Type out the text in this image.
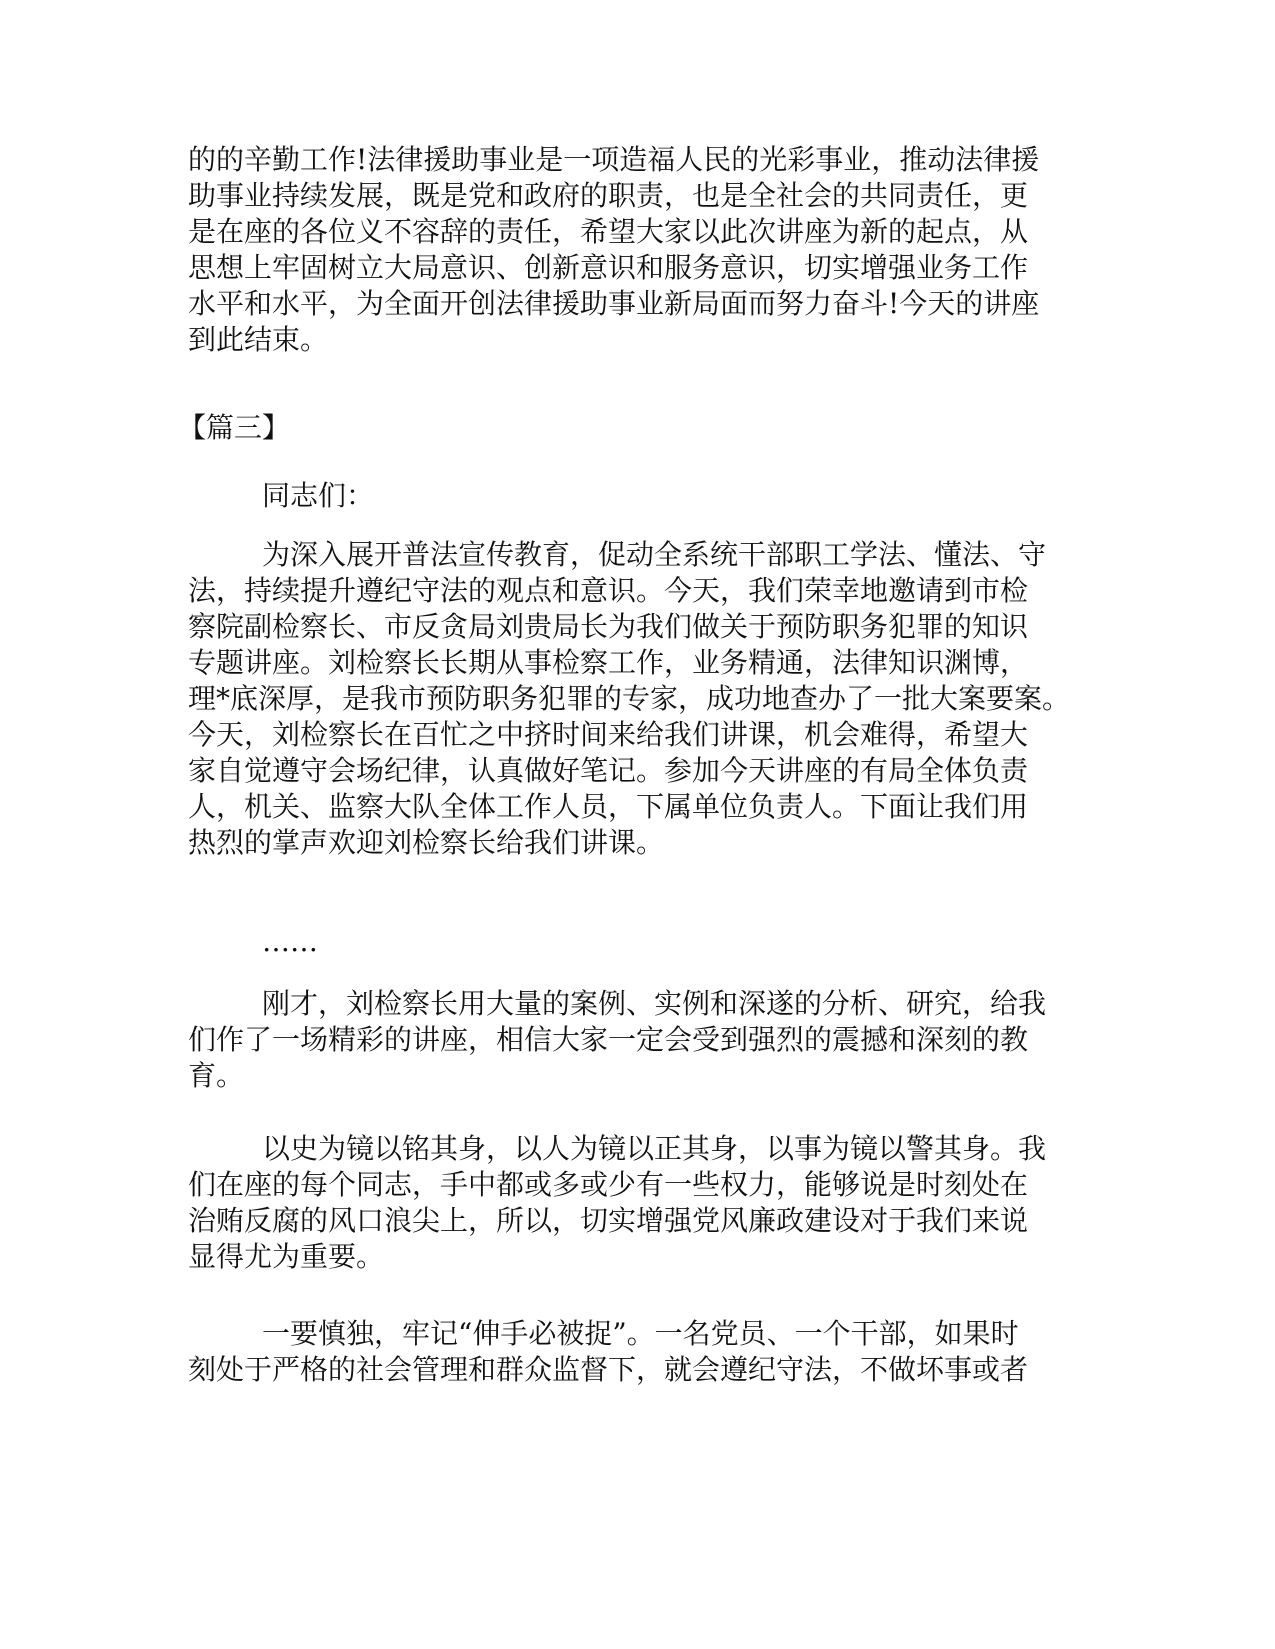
的的辛勤工作!法律援助事业是一项造福人民的光彩事业，推动法律援
助事业持续发展，既是党和政府的职责，也是全社会的共同责任，更
是在座的各位义不容辞的责任，希望大家以此次讲座为新的起点，从
思想上牢固树立大局意识、创新意识和服务意识，切实增强业务工作
水平和水平，为全面开创法律援助事业新局面而努力奋斗!今天的讲座
到此结束。
【篇三】
同志们：
为深入展开普法宣传教育，促动全系统干部职工学法、懂法、守
法，持续提升遵纪守法的观点和意识。今天，我们荣幸地邀请到市检
察院副检察长、市反贪局刘贵局长为我们做关于预防职务犯罪的知识
专题讲座。刘检察长长期从事检察工作，业务精通，法律知识渊博，
理*底深厚，是我市预防职务犯罪的专家，成功地查办了一批大案要案。
今天，刘检察长在百忙之中挤时间来给我们讲课，机会难得，希望大
家自觉遵守会场纪律，认真做好笔记。参加今天讲座的有局全体负责
人，机关、监察大队全体工作人员，下属单位负责人。下面让我们用
热烈的掌声欢迎刘检察长给我们讲课。
……
刚才，刘检察长用大量的案例、实例和深遂的分析、研究，给我
们作了一场精彩的讲座，相信大家一定会受到强烈的震撼和深刻的教
育。
以史为镜以铭其身，以人为镜以正其身，以事为镜以警其身。我
们在座的每个同志，手中都或多或少有一些权力，能够说是时刻处在
治贿反腐的风口浪尖上，所以，切实增强党风廉政建设对于我们来说
显得尤为重要。
一要慎独，牢记“伸手必被捉”。一名党员、一个干部，如果时
刻处于严格的社会管理和群众监督下，就会遵纪守法，不做坏事或者
